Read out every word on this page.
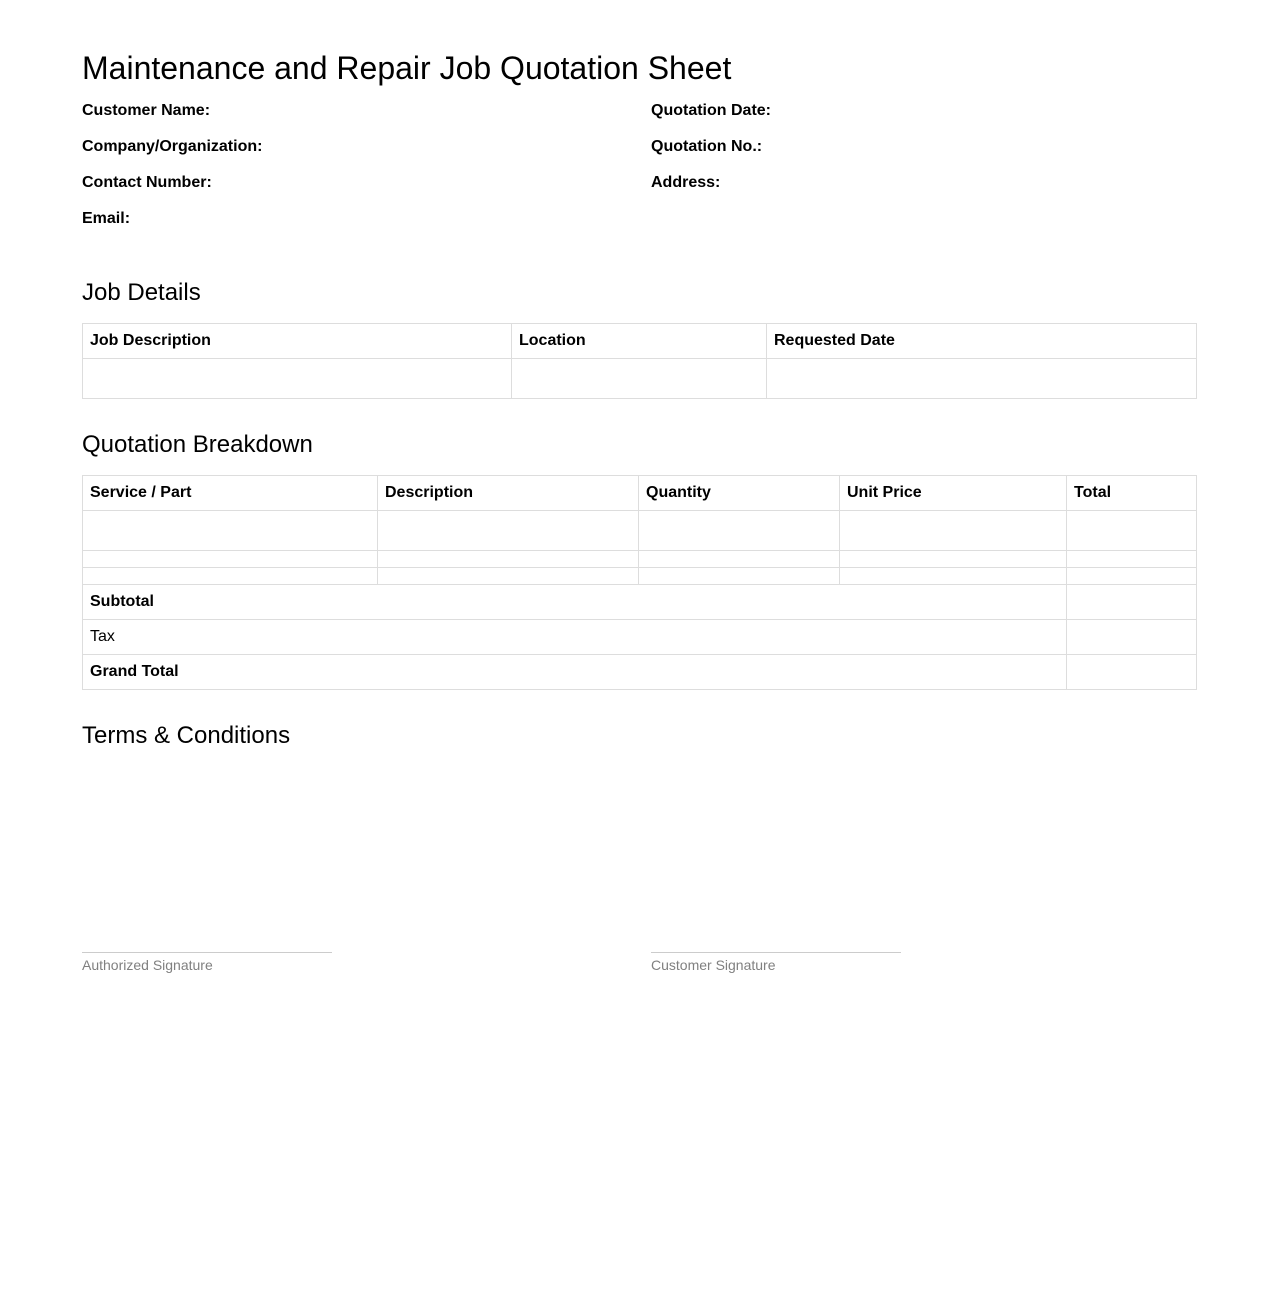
Maintenance and Repair Job Quotation Sheet
Customer Name:
Company/Organization:
Contact Number:
Email:
Quotation Date:
Quotation No.:
Address:
Job Details
Job Description	Location	Requested Date

Quotation Breakdown
Service / Part	Description	Quantity	Unit Price	Total

Subtotal				
Tax				
Grand Total				
Terms & Conditions
Authorized Signature	Customer Signature
